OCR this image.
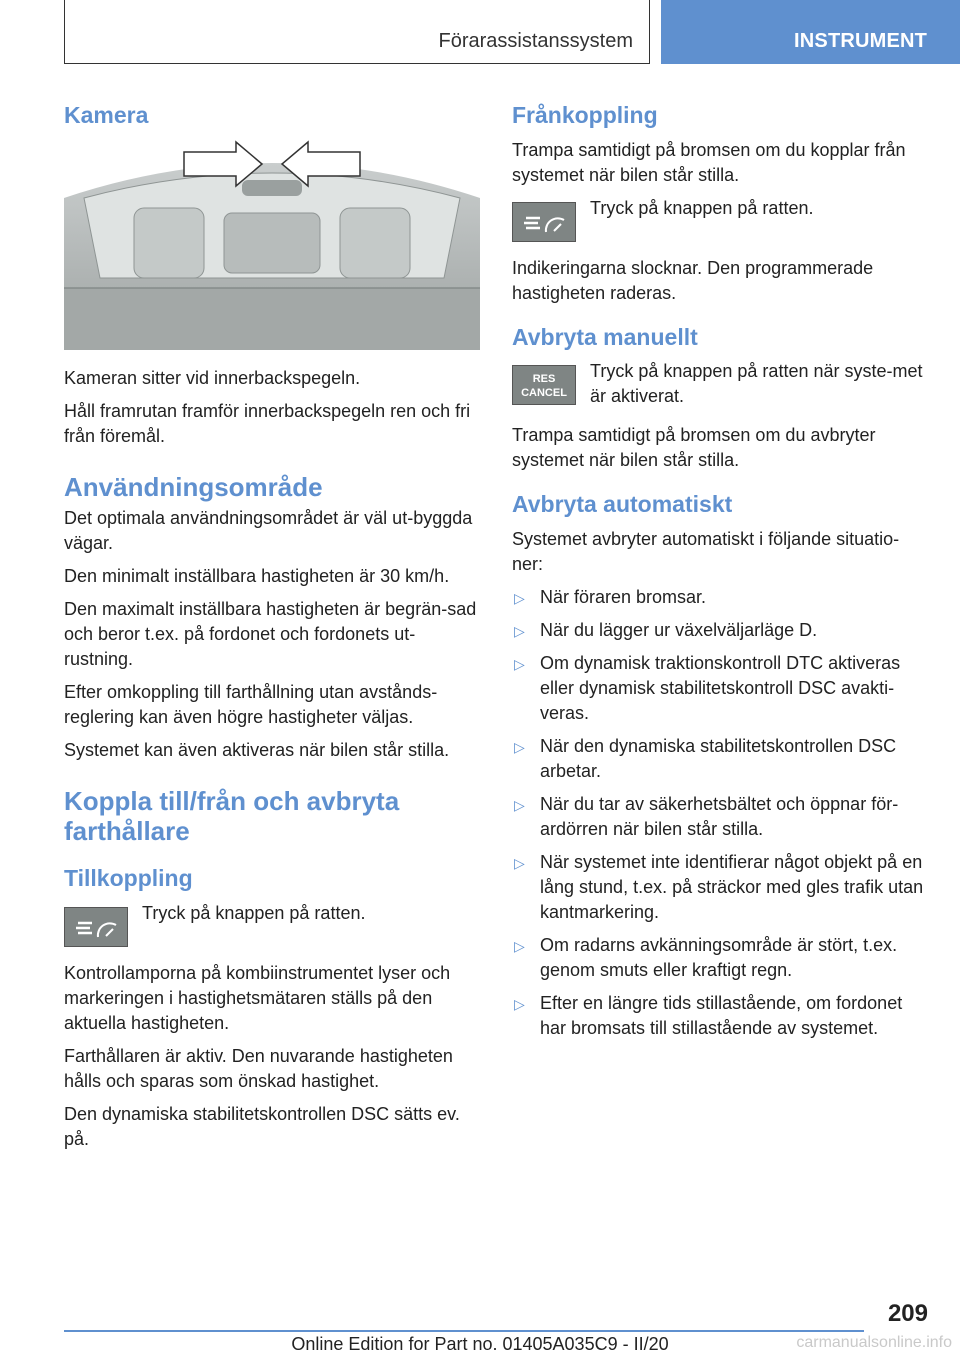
Förarassistanssystem	INSTRUMENT
Kamera

Kameran sitter vid innerbackspegeln.

Håll framrutan framför innerbackspegeln ren och fri från föremål.

Användningsområde

Det optimala användningsområdet är väl ut-byggda vägar.

Den minimalt inställbara hastigheten är 30 km/h.

Den maximalt inställbara hastigheten är begrän-sad och beror t.ex. på fordonet och fordonets ut-rustning.

Efter omkoppling till farthållning utan avstånds-reglering kan även högre hastigheter väljas.

Systemet kan även aktiveras när bilen står stilla.

Koppla till/från och avbryta farthållare
Tillkoppling

Tryck på knappen på ratten.

Kontrollamporna på kombiinstrumentet lyser och markeringen i hastighetsmätaren ställs på den aktuella hastigheten.

Farthållaren är aktiv. Den nuvarande hastigheten hålls och sparas som önskad hastighet.

Den dynamiska stabilitetskontrollen DSC sätts ev. på.

Frånkoppling

Trampa samtidigt på bromsen om du kopplar från systemet när bilen står stilla.

Tryck på knappen på ratten.

Indikeringarna slocknar. Den programmerade hastigheten raderas.

Avbryta manuellt
RES
CANCEL

Tryck på knappen på ratten när syste-met är aktiverat.

Trampa samtidigt på bromsen om du avbryter systemet när bilen står stilla.

Avbryta automatiskt

Systemet avbryter automatiskt i följande situatio-ner:

▷ När föraren bromsar.
▷ När du lägger ur växelväljarläge D.
▷ Om dynamisk traktionskontroll DTC aktiveras eller dynamisk stabilitetskontroll DSC avakti-veras.
▷ När den dynamiska stabilitetskontrollen DSC arbetar.
▷ När du tar av säkerhetsbältet och öppnar för-ardörren när bilen står stilla.
▷ När systemet inte identifierar något objekt på en lång stund, t.ex. på sträckor med gles trafik utan kantmarkering.
▷ Om radarns avkänningsområde är stört, t.ex. genom smuts eller kraftigt regn.
▷ Efter en längre tids stillastående, om fordonet har bromsats till stillastående av systemet.
209
Online Edition for Part no. 01405A035C9 - II/20	carmanualsonline.info
